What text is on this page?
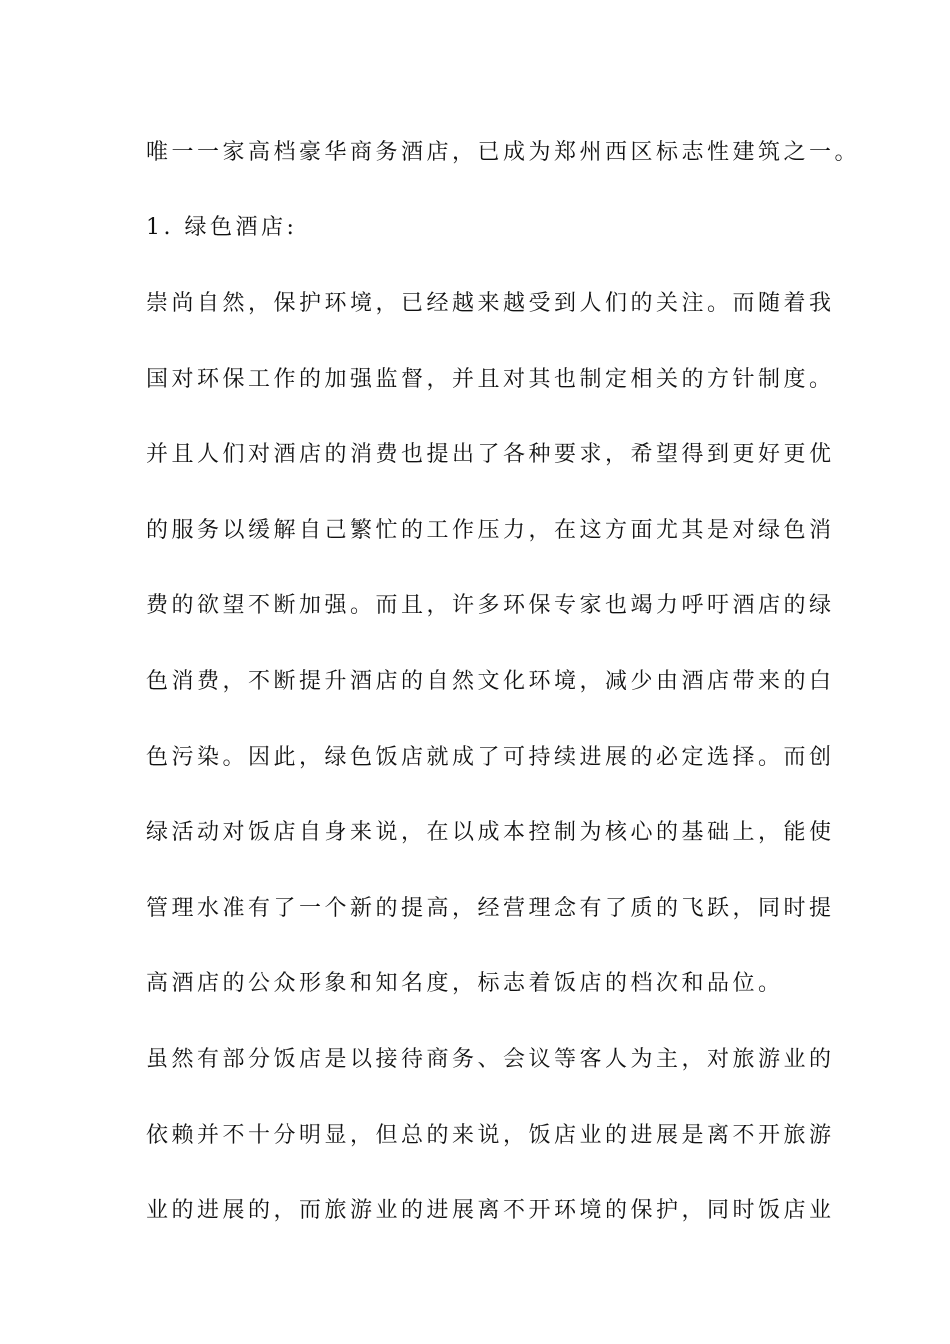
唯一一家高档豪华商务酒店，已成为郑州西区标志性建筑之一。

1. 绿色酒店:

崇尚自然，保护环境，已经越来越受到人们的关注。而随着我

国对环保工作的加强监督，并且对其也制定相关的方针制度。

并且人们对酒店的消费也提出了各种要求，希望得到更好更优

的服务以缓解自己繁忙的工作压力，在这方面尤其是对绿色消

费的欲望不断加强。而且，许多环保专家也竭力呼吁酒店的绿

色消费，不断提升酒店的自然文化环境，减少由酒店带来的白

色污染。因此，绿色饭店就成了可持续进展的必定选择。而创

绿活动对饭店自身来说，在以成本控制为核心的基础上，能使

管理水准有了一个新的提高，经营理念有了质的飞跃，同时提

高酒店的公众形象和知名度，标志着饭店的档次和品位。

虽然有部分饭店是以接待商务、会议等客人为主，对旅游业的

依赖并不十分明显，但总的来说，饭店业的进展是离不开旅游

业的进展的，而旅游业的进展离不开环境的保护，同时饭店业
